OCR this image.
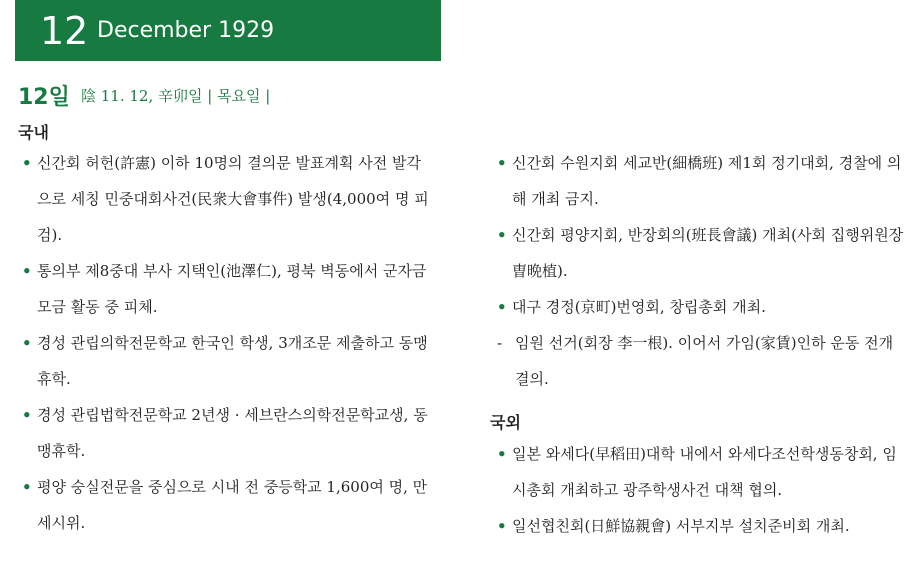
12 December 1929
12일 陰 11. 12, 辛卯일 | 목요일 |
국내
• 신간회 허헌(許憲) 이하 10명의 결의문 발표계획 사전 발각으로 세칭 민중대회사건(民衆大會事件) 발생(4,000여 명 피검).
• 통의부 제8중대 부사 지택인(池澤仁), 평북 벽동에서 군자금 모금 활동 중 피체.
• 경성 관립의학전문학교 한국인 학생, 3개조문 제출하고 동맹휴학.
• 경성 관립법학전문학교 2년생 · 세브란스의학전문학교생, 동맹휴학.
• 평양 숭실전문을 중심으로 시내 전 중등학교 1,600여 명, 만세시위.
• 신간회 수원지회 세교반(細橋班) 제1회 정기대회, 경찰에 의해 개최 금지.
• 신간회 평양지회, 반장회의(班長會議) 개최(사회 집행위원장 曺晩植).
• 대구 경정(京町)번영회, 창립총회 개최.
- 임원 선거(회장 李一根). 이어서 가임(家賃)인하 운동 전개 결의.
국외
• 일본 와세다(早稻田)대학 내에서 와세다조선학생동창회, 임시총회 개최하고 광주학생사건 대책 협의.
• 일선협친회(日鮮協親會) 서부지부 설치준비회 개최.
